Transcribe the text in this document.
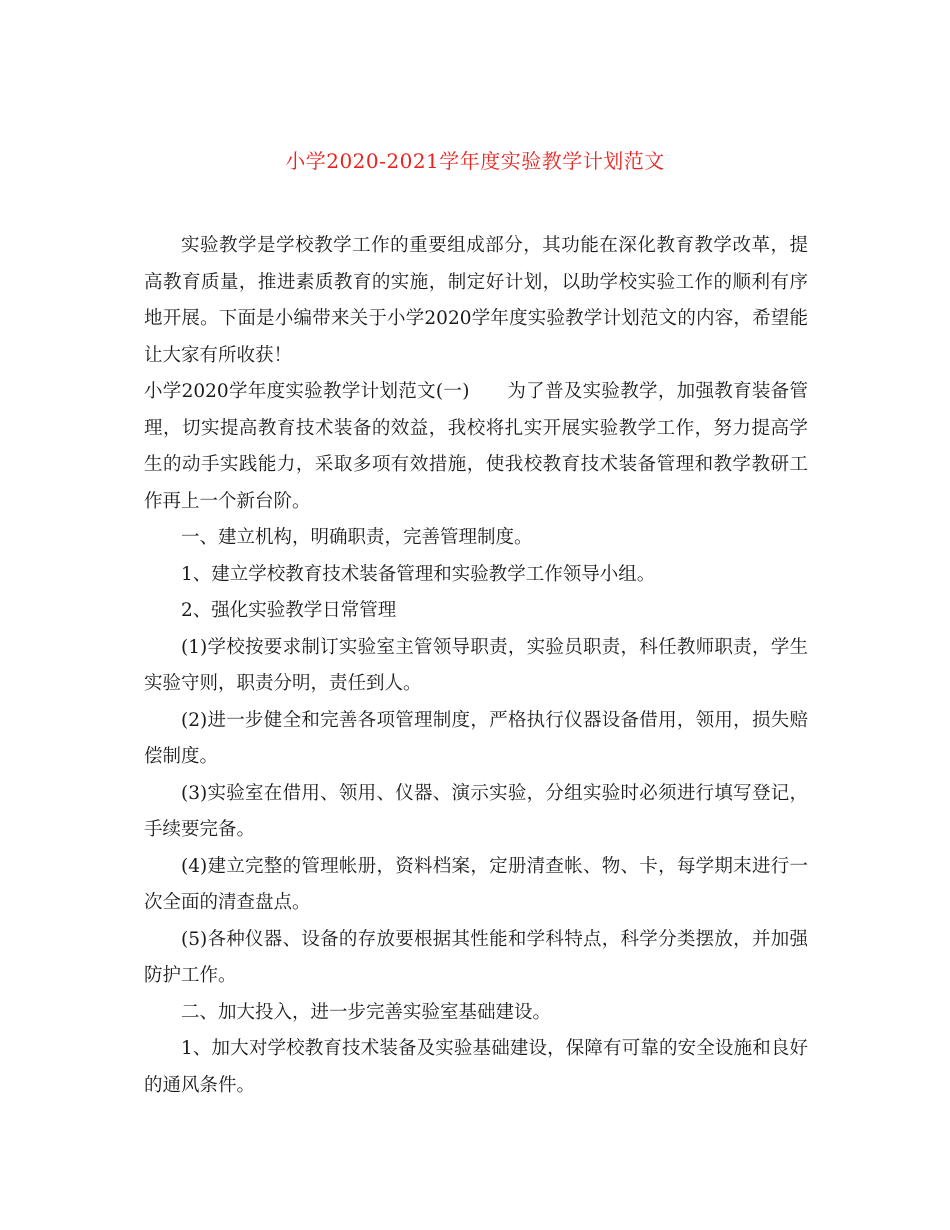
小学2020-2021学年度实验教学计划范文

实验教学是学校教学工作的重要组成部分，其功能在深化教育教学改革，提高教育质量，推进素质教育的实施，制定好计划，以助学校实验工作的顺利有序地开展。下面是小编带来关于小学2020学年度实验教学计划范文的内容，希望能让大家有所收获！

小学2020学年度实验教学计划范文(一)　　为了普及实验教学，加强教育装备管理，切实提高教育技术装备的效益，我校将扎实开展实验教学工作，努力提高学生的动手实践能力，采取多项有效措施，使我校教育技术装备管理和教学教研工作再上一个新台阶。

一、建立机构，明确职责，完善管理制度。

1、建立学校教育技术装备管理和实验教学工作领导小组。

2、强化实验教学日常管理

(1)学校按要求制订实验室主管领导职责，实验员职责，科任教师职责，学生实验守则，职责分明，责任到人。

(2)进一步健全和完善各项管理制度，严格执行仪器设备借用，领用，损失赔偿制度。

(3)实验室在借用、领用、仪器、演示实验，分组实验时必须进行填写登记，手续要完备。

(4)建立完整的管理帐册，资料档案，定册清查帐、物、卡，每学期末进行一次全面的清查盘点。

(5)各种仪器、设备的存放要根据其性能和学科特点，科学分类摆放，并加强防护工作。

二、加大投入，进一步完善实验室基础建设。

1、加大对学校教育技术装备及实验基础建设，保障有可靠的安全设施和良好的通风条件。
